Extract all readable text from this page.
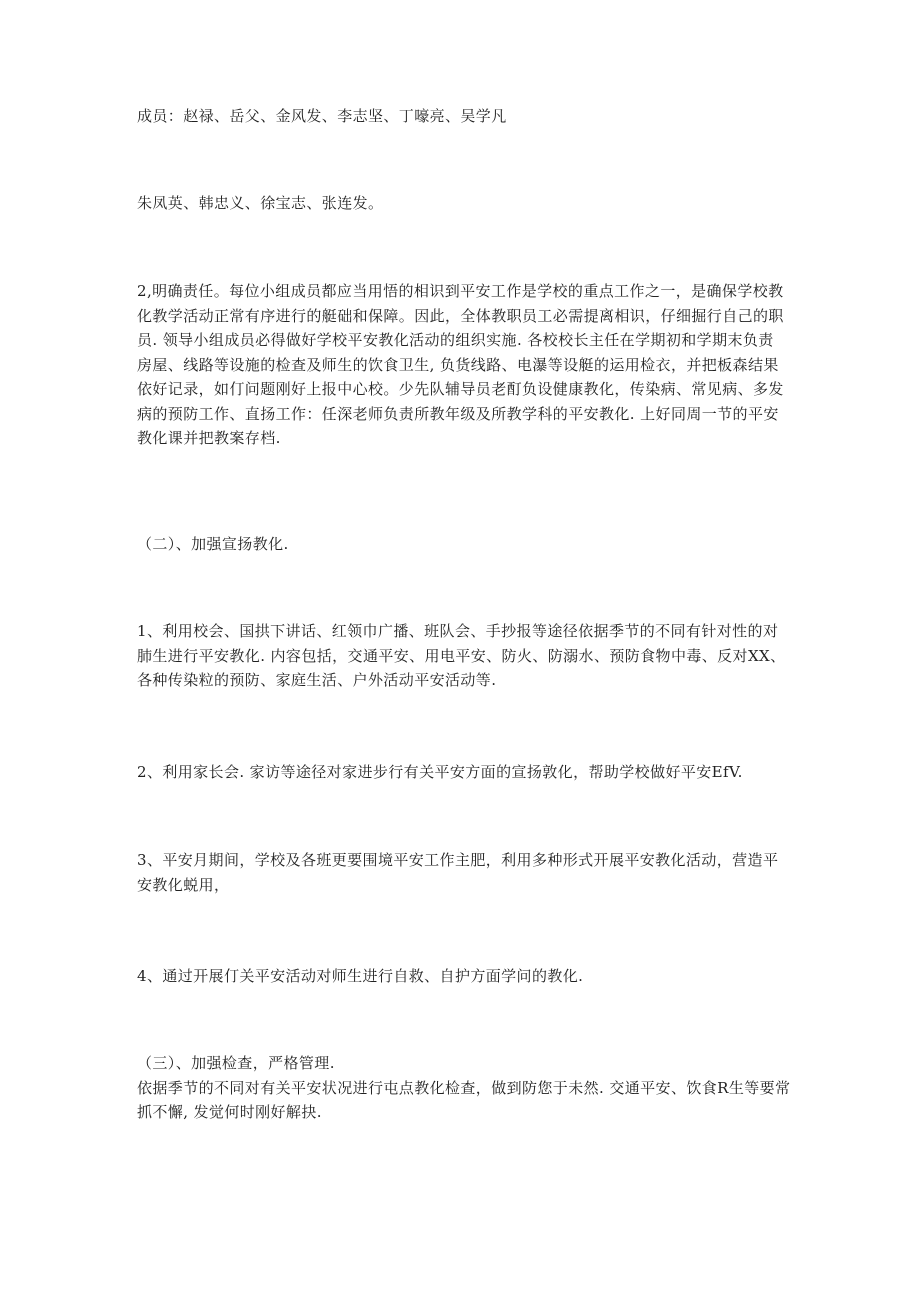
成员：赵禄、岳父、金风发、李志坚、丁嚎亮、吴学凡

朱凤英、韩忠义、徐宝志、张连发。

2,明确责任。每位小组成员都应当用悟的相识到平安工作是学校的重点工作之一，是确保学校教
化教学活动正常有序进行的艇础和保障。因此，全体教职员工必需提离相识，仔细掘行自己的职
员. 领导小组成员必得做好学校平安教化活动的组织实施. 各校校长主任在学期初和学期末负责
房屋、线路等设施的检查及师生的饮食卫生, 负货线路、电瀑等设艇的运用检衣，并把板森结果
依好记录，如仃问题刚好上报中心校。少先队辅导员老酊负设健康教化，传染病、常见病、多发
病的预防工作、直扬工作：任深老师负责所教年级及所教学科的平安教化. 上好同周一节的平安
教化课并把教案存档.

（二）、加强宣扬教化.

1、利用校会、国拱下讲话、红领巾广播、班队会、手抄报等途径依据季节的不同有针对性的对
肺生进行平安教化. 内容包括，交通平安、用电平安、防火、防溺水、预防食物中毒、反对XX、
各种传染粒的预防、家庭生活、户外活动平安活动等.

2、利用家长会. 家访等途径对家进步行有关平安方面的宣扬敦化，帮助学校做好平安EfV.

3、平安月期间，学校及各班更要围境平安工作主肥，利用多种形式开展平安教化活动，营造平
安教化蜕用，

4、通过开展仃关平安活动对师生进行自救、自护方面学问的教化.

（三）、加强检查，严格管理.
依据季节的不同对有关平安状况进行屯点教化检查，做到防您于未然. 交通平安、饮食R生等要常
抓不懈, 发觉何时刚好解抉.
